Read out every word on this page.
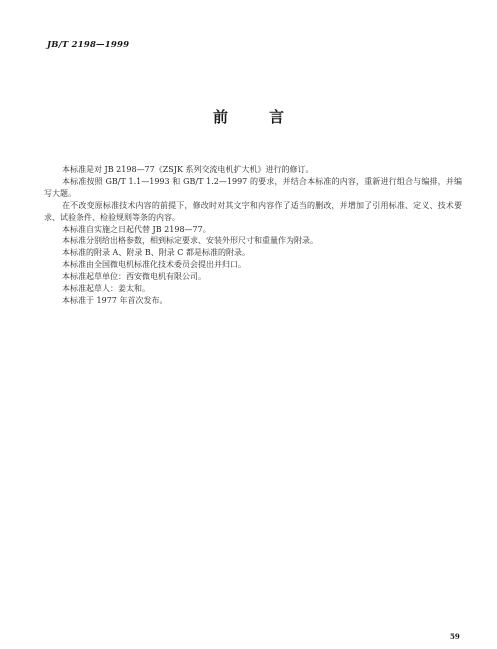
JB/T 2198—1999
前　言

本标准是对 JB 2198—77《ZSJK 系列交流电机扩大机》进行的修订。

本标准按照 GB/T 1.1—1993 和 GB/T 1.2—1997 的要求，并结合本标准的内容，重新进行组合与编排，并编写大题。

在不改变原标准技术内容的前提下，修改时对其文字和内容作了适当的删改，并增加了引用标准、定义、技术要求、试验条件、检验规则等条的内容。

本标准自实施之日起代替 JB 2198—77。

本标准分别给出格参数，相到标定要求、安装外形尺寸和重量作为附录。

本标准的附录 A、附录 B、附录 C 都是标准的附录。

本标准由全国微电机标准化技术委员会提出并归口。

本标准起草单位：西安微电机有限公司。

本标准起草人：姜太和。

本标准于 1977 年首次发布。

59
